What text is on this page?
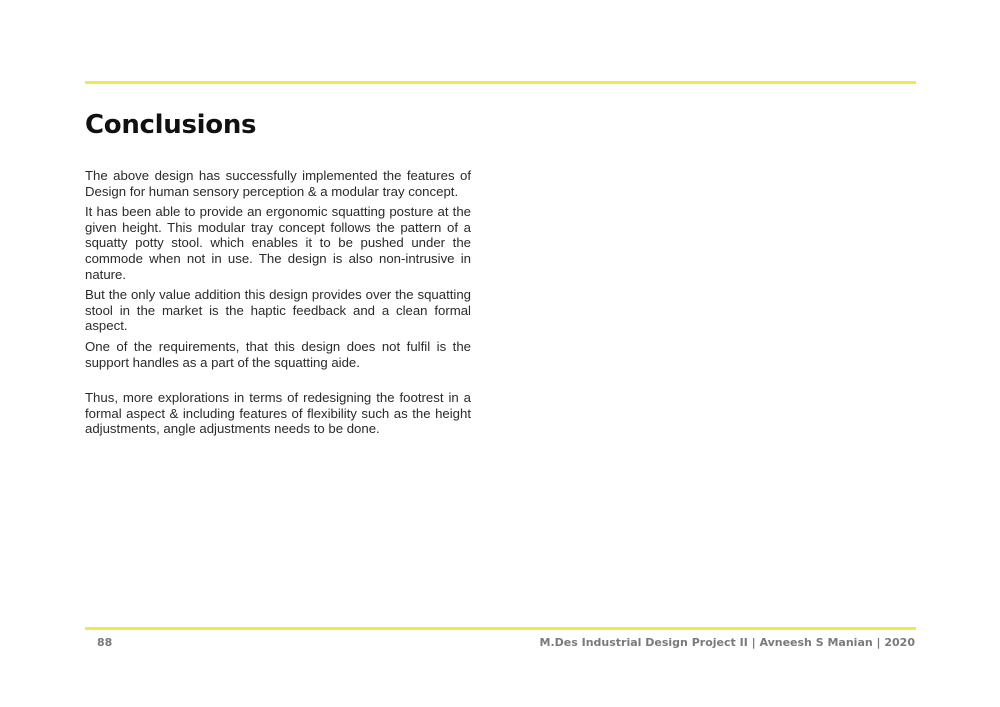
Conclusions

The above design has successfully implemented the features of Design for human sensory perception & a modular tray concept.

It has been able to provide an ergonomic squatting posture at the given height. This modular tray concept follows the pattern of a squatty potty stool. which enables it to be pushed under the commode when not in use. The design is also non-intrusive in nature.

But the only value addition this design provides over the squatting stool in the market is the haptic feedback and a clean formal aspect.

One of the requirements, that this design does not fulfil is the support handles as a part of the squatting aide.

Thus, more explorations in terms of redesigning the footrest in a formal aspect & including features of flexibility such as the height adjustments, angle adjustments needs to be done.

88	M.Des Industrial Design Project II | Avneesh S Manian | 2020
